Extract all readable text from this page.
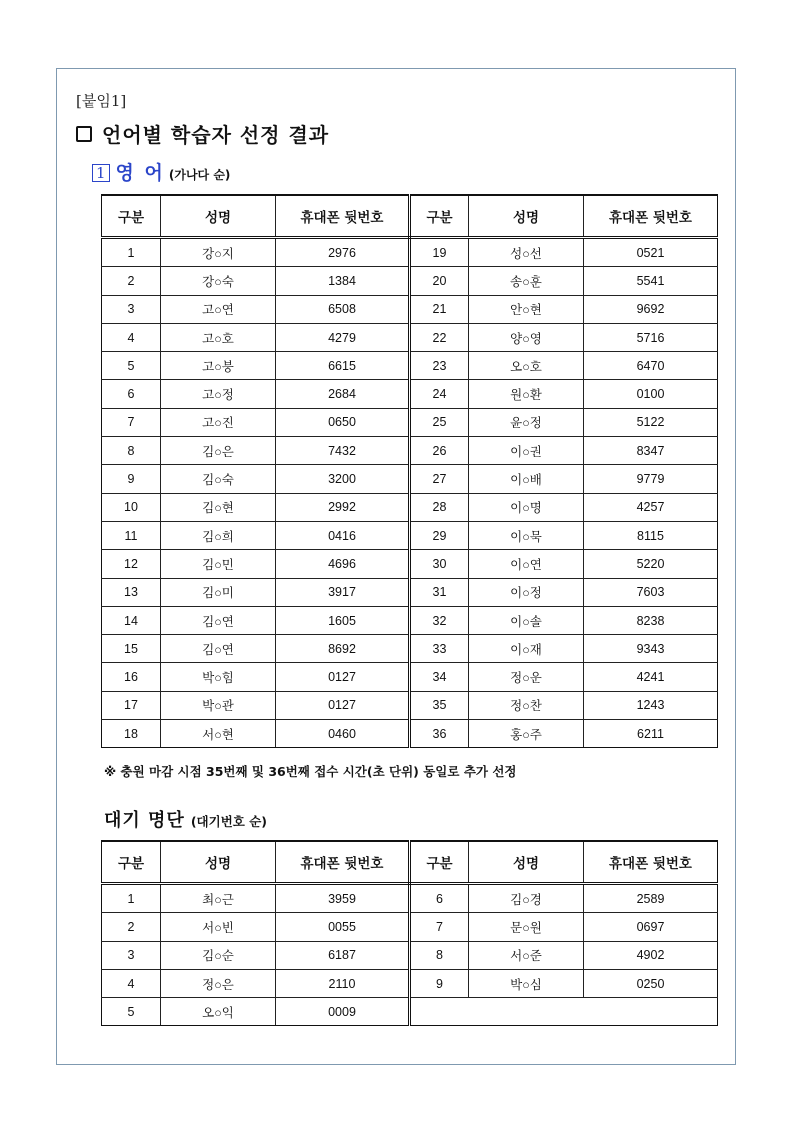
[붙임1]
언어별 학습자 선정 결과
1 영 어 (가나다 순)
구분	성명	휴대폰 뒷번호	구분	성명	휴대폰 뒷번호
1	강○지	2976	19	성○선	0521
2	강○숙	1384	20	송○훈	5541
3	고○연	6508	21	안○현	9692
4	고○호	4279	22	양○영	5716
5	고○붕	6615	23	오○호	6470
6	고○정	2684	24	원○환	0100
7	고○진	0650	25	윤○정	5122
8	김○은	7432	26	이○권	8347
9	김○숙	3200	27	이○배	9779
10	김○현	2992	28	이○명	4257
11	김○희	0416	29	이○묵	8115
12	김○민	4696	30	이○연	5220
13	김○미	3917	31	이○정	7603
14	김○연	1605	32	이○솔	8238
15	김○연	8692	33	이○재	9343
16	박○힘	0127	34	정○운	4241
17	박○관	0127	35	정○찬	1243
18	서○현	0460	36	홍○주	6211
※ 충원 마감 시점 35번째 및 36번째 접수 시간(초 단위) 동일로 추가 선정
대기 명단 (대기번호 순)
구분	성명	휴대폰 뒷번호	구분	성명	휴대폰 뒷번호
1	최○근	3959	6	김○경	2589
2	서○빈	0055	7	문○원	0697
3	김○순	6187	8	서○준	4902
4	정○은	2110	9	박○심	0250
5	오○익	0009			
